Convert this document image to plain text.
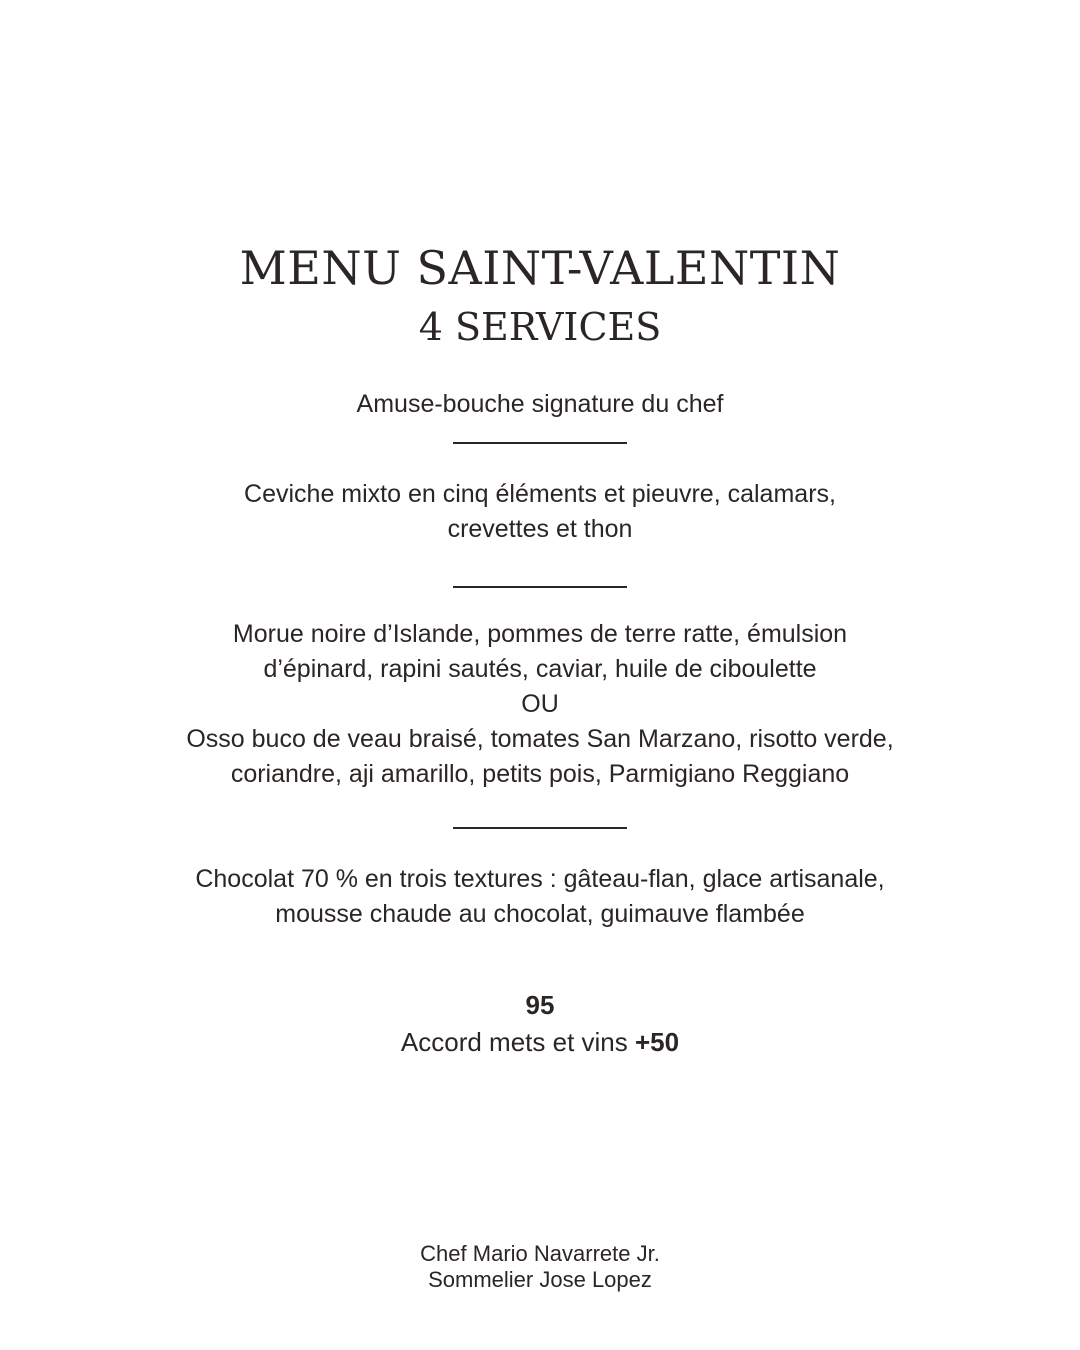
MENU SAINT-VALENTIN
4 SERVICES

Amuse-bouche signature du chef

Ceviche mixto en cinq éléments et pieuvre, calamars,
crevettes et thon

Morue noire d’Islande, pommes de terre ratte, émulsion
d’épinard, rapini sautés, caviar, huile de ciboulette
OU
Osso buco de veau braisé, tomates San Marzano, risotto verde,
coriandre, aji amarillo, petits pois, Parmigiano Reggiano

Chocolat 70 % en trois textures : gâteau-flan, glace artisanale,
mousse chaude au chocolat, guimauve flambée

95

Accord mets et vins +50

Chef Mario Navarrete Jr.
Sommelier Jose Lopez
